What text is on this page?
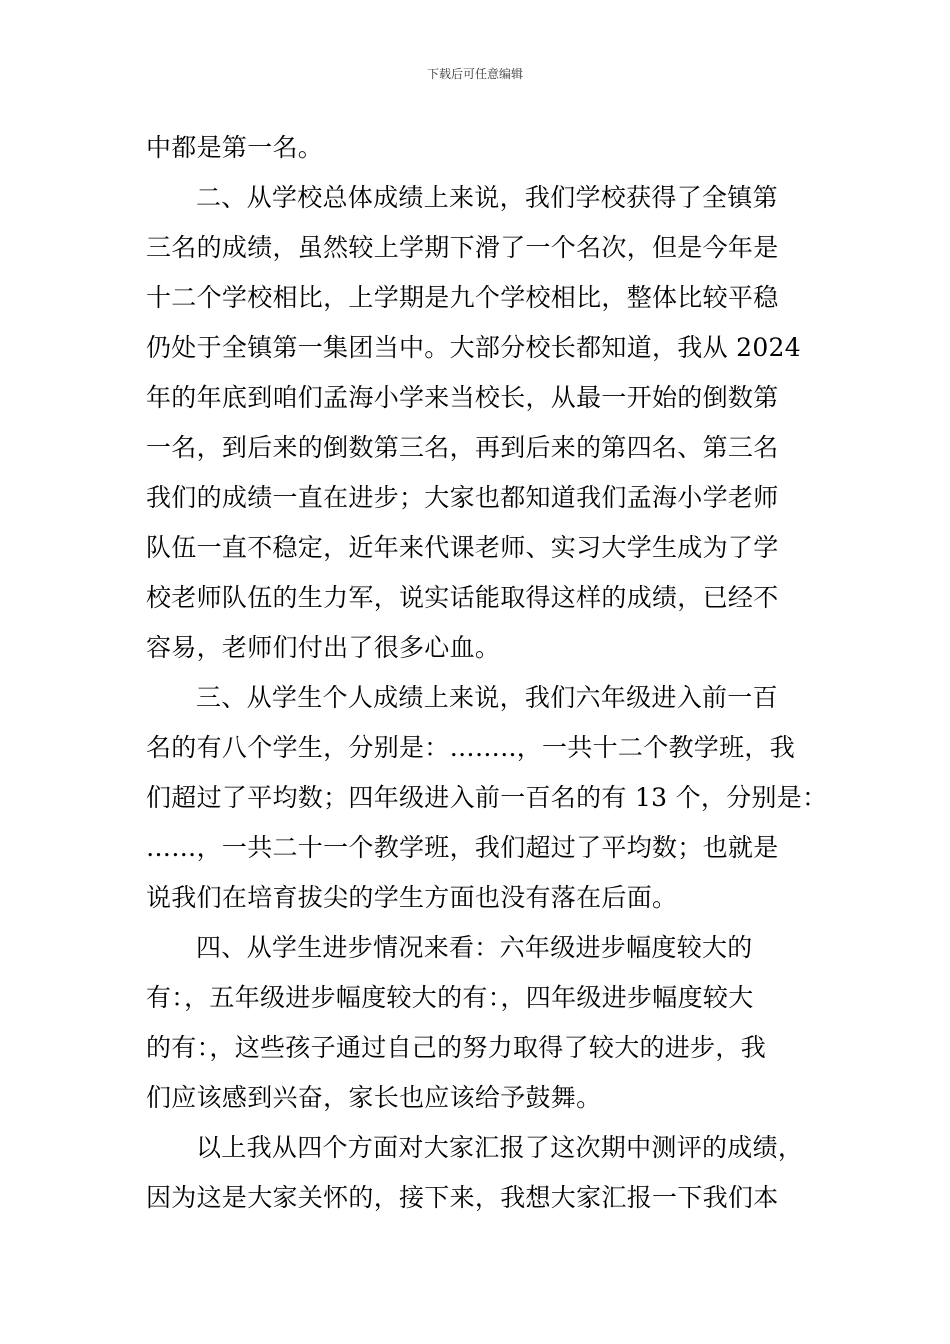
下载后可任意编辑
中都是第一名。
二、从学校总体成绩上来说，我们学校获得了全镇第
三名的成绩，虽然较上学期下滑了一个名次，但是今年是
十二个学校相比，上学期是九个学校相比，整体比较平稳
仍处于全镇第一集团当中。大部分校长都知道，我从 2024
年的年底到咱们孟海小学来当校长，从最一开始的倒数第
一名，到后来的倒数第三名，再到后来的第四名、第三名
我们的成绩一直在进步；大家也都知道我们孟海小学老师
队伍一直不稳定，近年来代课老师、实习大学生成为了学
校老师队伍的生力军，说实话能取得这样的成绩，已经不
容易，老师们付出了很多心血。
三、从学生个人成绩上来说，我们六年级进入前一百
名的有八个学生，分别是：……..，一共十二个教学班，我
们超过了平均数；四年级进入前一百名的有 13 个，分别是：
……，一共二十一个教学班，我们超过了平均数；也就是
说我们在培育拔尖的学生方面也没有落在后面。
四、从学生进步情况来看：六年级进步幅度较大的
有：，五年级进步幅度较大的有：，四年级进步幅度较大
的有：，这些孩子通过自己的努力取得了较大的进步，我
们应该感到兴奋，家长也应该给予鼓舞。
以上我从四个方面对大家汇报了这次期中测评的成绩，
因为这是大家关怀的，接下来，我想大家汇报一下我们本
